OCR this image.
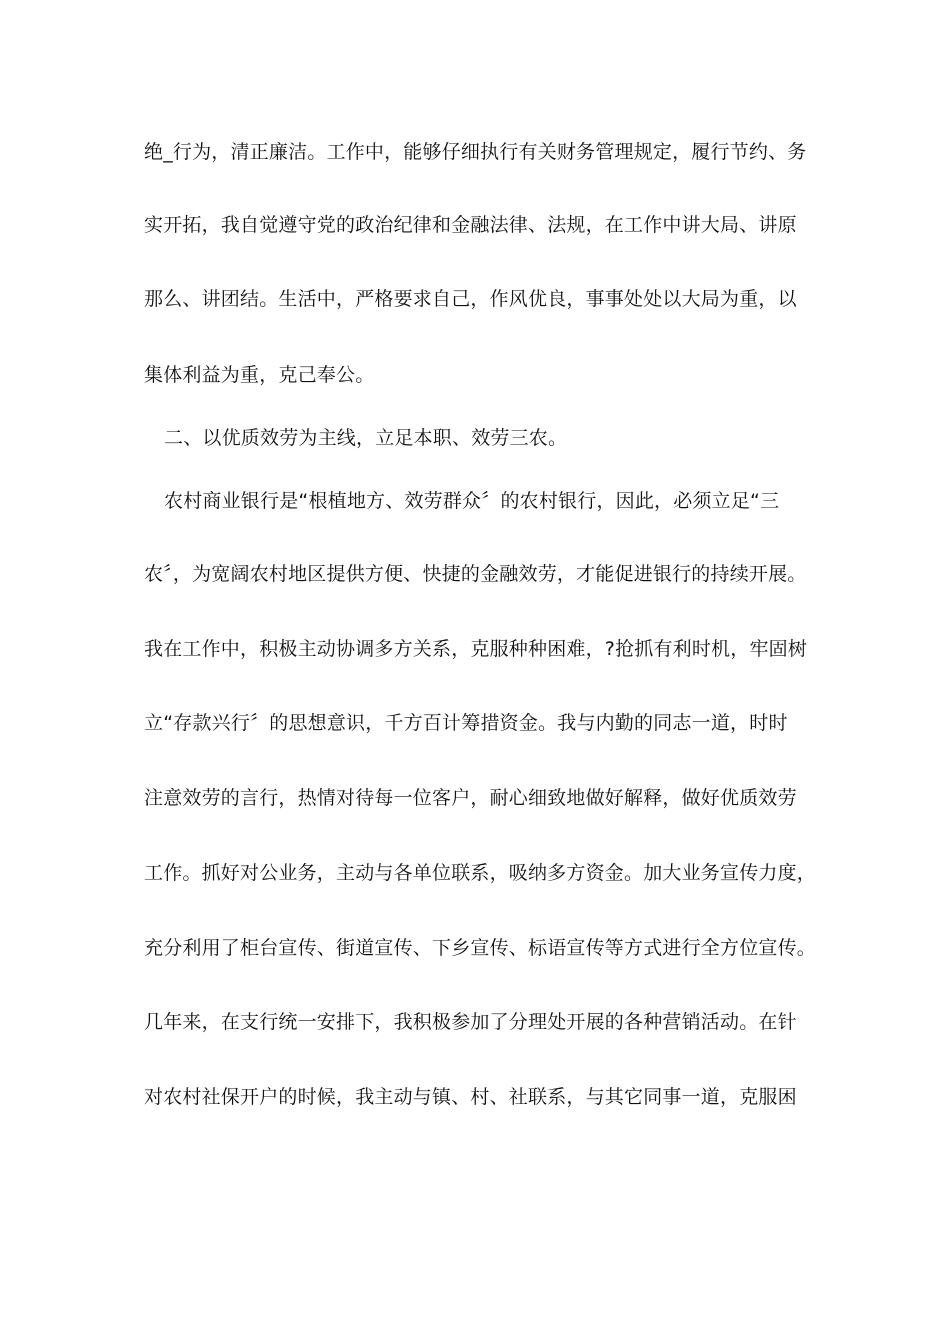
绝_行为，清正廉洁。工作中，能够仔细执行有关财务管理规定，履行节约、务
实开拓，我自觉遵守党的政治纪律和金融法律、法规，在工作中讲大局、讲原
那么、讲团结。生活中，严格要求自己，作风优良，事事处处以大局为重，以
集体利益为重，克己奉公。
二、以优质效劳为主线，立足本职、效劳三农。
农村商业银行是“根植地方、效劳群众〞的农村银行，因此，必须立足“三
农〞，为宽阔农村地区提供方便、快捷的金融效劳，才能促进银行的持续开展。
我在工作中，积极主动协调多方关系，克服种种困难，?抢抓有利时机，牢固树
立“存款兴行〞的思想意识，千方百计筹措资金。我与内勤的同志一道，时时
注意效劳的言行，热情对待每一位客户，耐心细致地做好解释，做好优质效劳
工作。抓好对公业务，主动与各单位联系，吸纳多方资金。加大业务宣传力度，
充分利用了柜台宣传、街道宣传、下乡宣传、标语宣传等方式进行全方位宣传。
几年来，在支行统一安排下，我积极参加了分理处开展的各种营销活动。在针
对农村社保开户的时候，我主动与镇、村、社联系，与其它同事一道，克服困
